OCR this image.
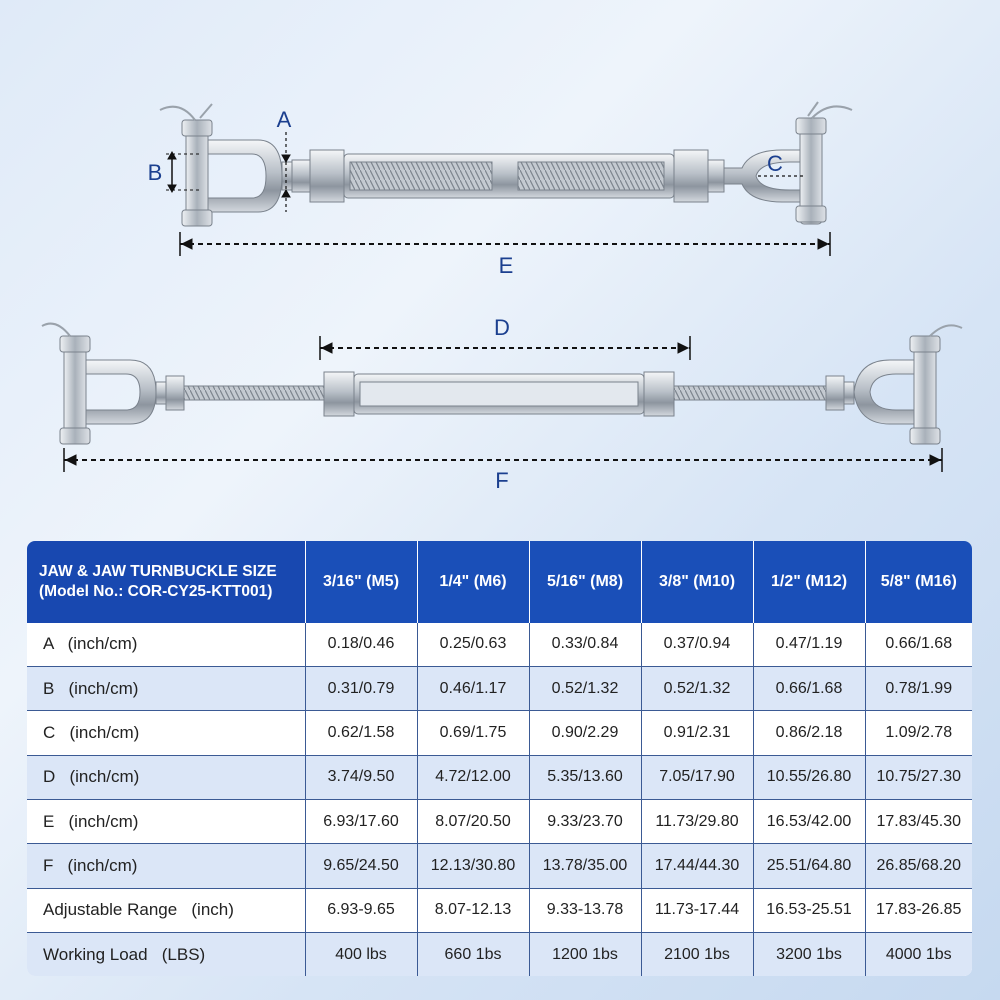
A
B	C
E
D
F
JAW & JAW TURNBUCKLE SIZE
(Model No.: COR-CY25-KTT001)	3/16" (M5)	1/4" (M6)	5/16" (M8)	3/8" (M10)	1/2" (M12)	5/8" (M16)
A   (inch/cm)	0.18/0.46	0.25/0.63	0.33/0.84	0.37/0.94	0.47/1.19	0.66/1.68
B   (inch/cm)	0.31/0.79	0.46/1.17	0.52/1.32	0.52/1.32	0.66/1.68	0.78/1.99
C   (inch/cm)	0.62/1.58	0.69/1.75	0.90/2.29	0.91/2.31	0.86/2.18	1.09/2.78
D   (inch/cm)	3.74/9.50	4.72/12.00	5.35/13.60	7.05/17.90	10.55/26.80	10.75/27.30
E   (inch/cm)	6.93/17.60	8.07/20.50	9.33/23.70	11.73/29.80	16.53/42.00	17.83/45.30
F   (inch/cm)	9.65/24.50	12.13/30.80	13.78/35.00	17.44/44.30	25.51/64.80	26.85/68.20
Adjustable Range   (inch)	6.93-9.65	8.07-12.13	9.33-13.78	11.73-17.44	16.53-25.51	17.83-26.85
Working Load   (LBS)	400 lbs	660 1bs	1200 1bs	2100 1bs	3200 1bs	4000 1bs
